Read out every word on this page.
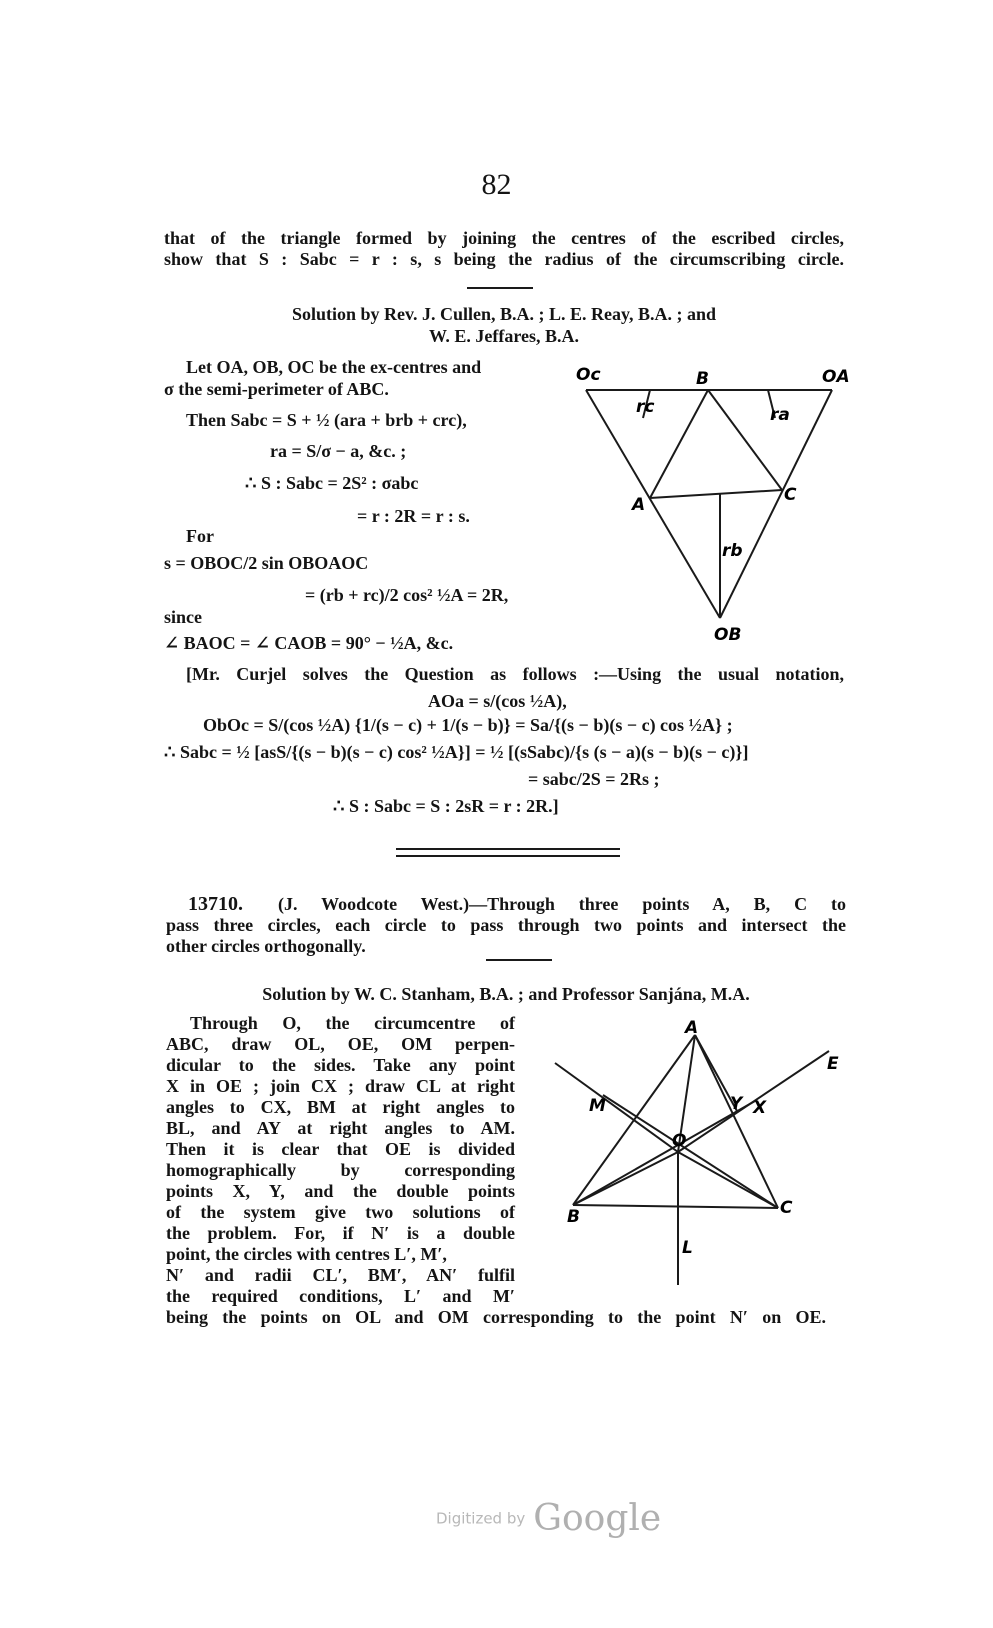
82
that of the triangle formed by joining the centres of the escribed circles,
show that S : Sabc = r : s, s being the radius of the circumscribing circle.
Solution by Rev. J. Cullen, B.A. ; L. E. Reay, B.A. ; and
W. E. Jeffares, B.A.
Let OA, OB, OC be the ex-centres and
σ the semi-perimeter of ABC.
Then Sabc = S + ½ (ara + brb + crc),
ra = S/σ − a, &c. ;
∴ S : Sabc = 2S² : σabc
= r : 2R = r : s.
For
s = OBOC/2 sin OBOAOC
= (rb + rc)/2 cos² ½A = 2R,
since
∠ BAOC = ∠ CAOB = 90° − ½A, &c.
Oc	B	OA
rc	ra
A	C
rb
OB
[Mr. Curjel solves the Question as follows :—Using the usual notation,
AOa = s/(cos ½A),
ObOc = S/(cos ½A) {1/(s − c) + 1/(s − b)} = Sa/{(s − b)(s − c) cos ½A} ;
∴ Sabc = ½ [asS/{(s − b)(s − c) cos² ½A}] = ½ [(sSabc)/{s (s − a)(s − b)(s − c)}]
= sabc/2S = 2Rs ;
∴ S : Sabc = S : 2sR = r : 2R.]
13710. (J. Woodcote West.)—Through three points A, B, C to
pass three circles, each circle to pass through two points and intersect the
other circles orthogonally.
Solution by W. C. Stanham, B.A. ; and Professor Sanjána, M.A.
Through O, the circumcentre of
ABC, draw OL, OE, OM perpen-
dicular to the sides. Take any point
X in OE ; join CX ; draw CL at right
angles to CX, BM at right angles to
BL, and AY at right angles to AM.
Then it is clear that OE is divided
homographically by corresponding
points X, Y, and the double points
of the system give two solutions of
the problem. For, if N′ is a double
point, the circles with centres L′, M′,
N′ and radii CL′, BM′, AN′ fulfil
the required conditions, L′ and M′
being the points on OL and OM corresponding to the point N′ on OE.
A
E
M	Y X
O
B	C
L
Digitized by Google
